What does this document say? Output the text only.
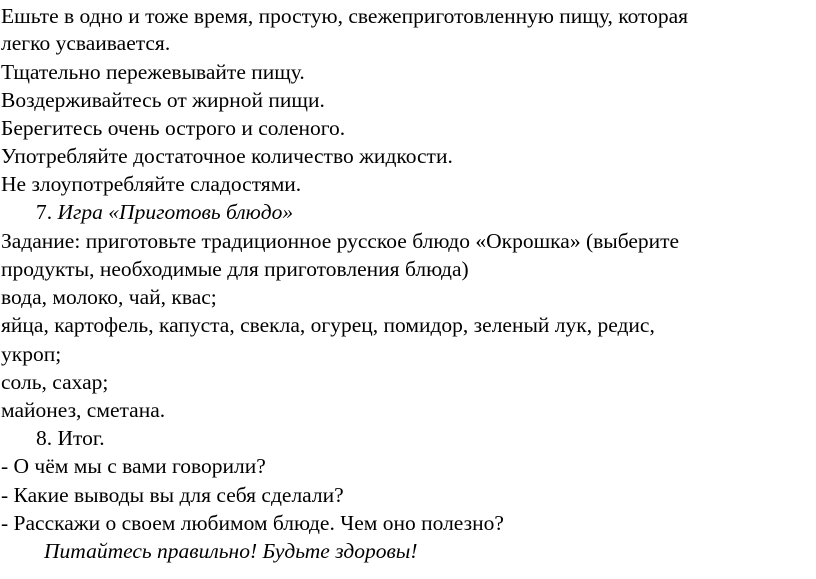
Ешьте в одно и тоже время, простую, свежеприготовленную пищу, которая
легко усваивается.
Тщательно пережевывайте пищу.
Воздерживайтесь от жирной пищи.
Берегитесь очень острого и соленого.
Употребляйте достаточное количество жидкости.
Не злоупотребляйте сладостями.
7. Игра «Приготовь блюдо»
Задание: приготовьте традиционное русское блюдо «Окрошка» (выберите
продукты, необходимые для приготовления блюда)
вода, молоко, чай, квас;
яйца, картофель, капуста, свекла, огурец, помидор, зеленый лук, редис,
укроп;
соль, сахар;
майонез, сметана.
8. Итог.
- О чём мы с вами говорили?
- Какие выводы вы для себя сделали?
- Расскажи о своем любимом блюде. Чем оно полезно?
Питайтесь правильно! Будьте здоровы!
